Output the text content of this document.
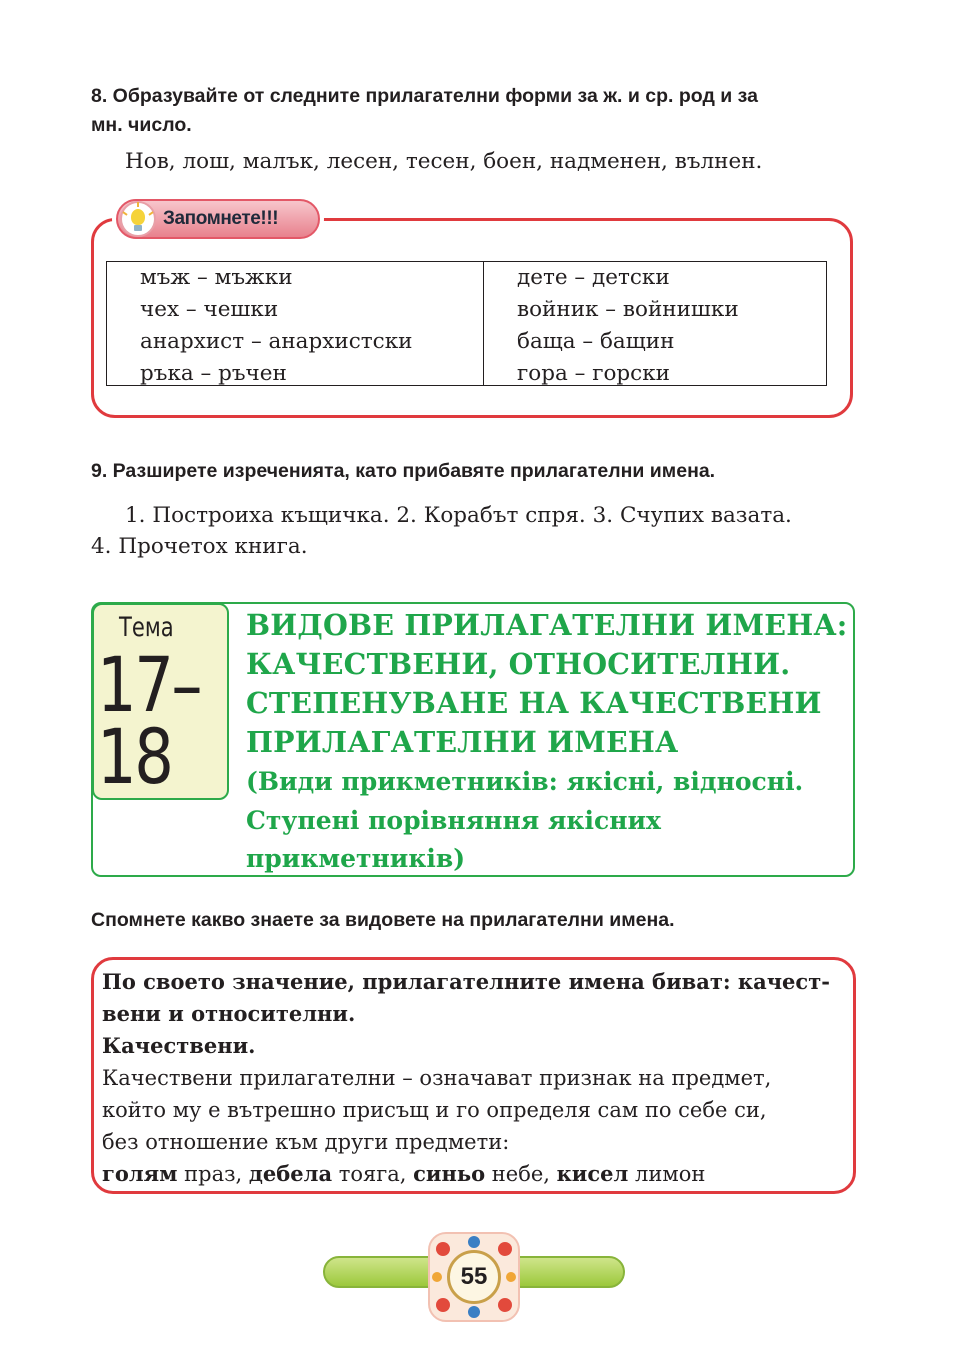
8. Образувайте от следните прилагателни форми за ж. и ср. род и за
мн. число.
Нов, лош, малък, лесен, тесен, боен, надменен, вълнен.
Запомнете!!!
мъж – мъжки
чех – чешки
анархист – анархистски
ръка – ръчен
дете – детски
войник – войнишки
баща – бащин
гора – горски
9. Разширете изреченията, като прибавяте прилагателни имена.
1. Построиха къщичка. 2. Корабът спря. 3. Счупих вазата.
4. Прочетох книга.
Тема
17–
18
ВИДОВЕ ПРИЛАГАТЕЛНИ ИМЕНА:
КАЧЕСТВЕНИ, ОТНОСИТЕЛНИ.
СТЕПЕНУВАНЕ НА КАЧЕСТВЕНИ
ПРИЛАГАТЕЛНИ ИМЕНА
(Види прикметників: якісні, відносні.
Ступені порівняння якісних
прикметників)
Спомнете какво знаете за видовете на прилагателни имена.
По своето значение, прилагателните имена биват: качест-
вени и относителни.
Качествени.
Качествени прилагателни – означават признак на предмет,
който му е вътрешно присъщ и го определя сам по себе си,
без отношение към други предмети:
голям праз, дебела тояга, синьо небе, кисел лимон
55
